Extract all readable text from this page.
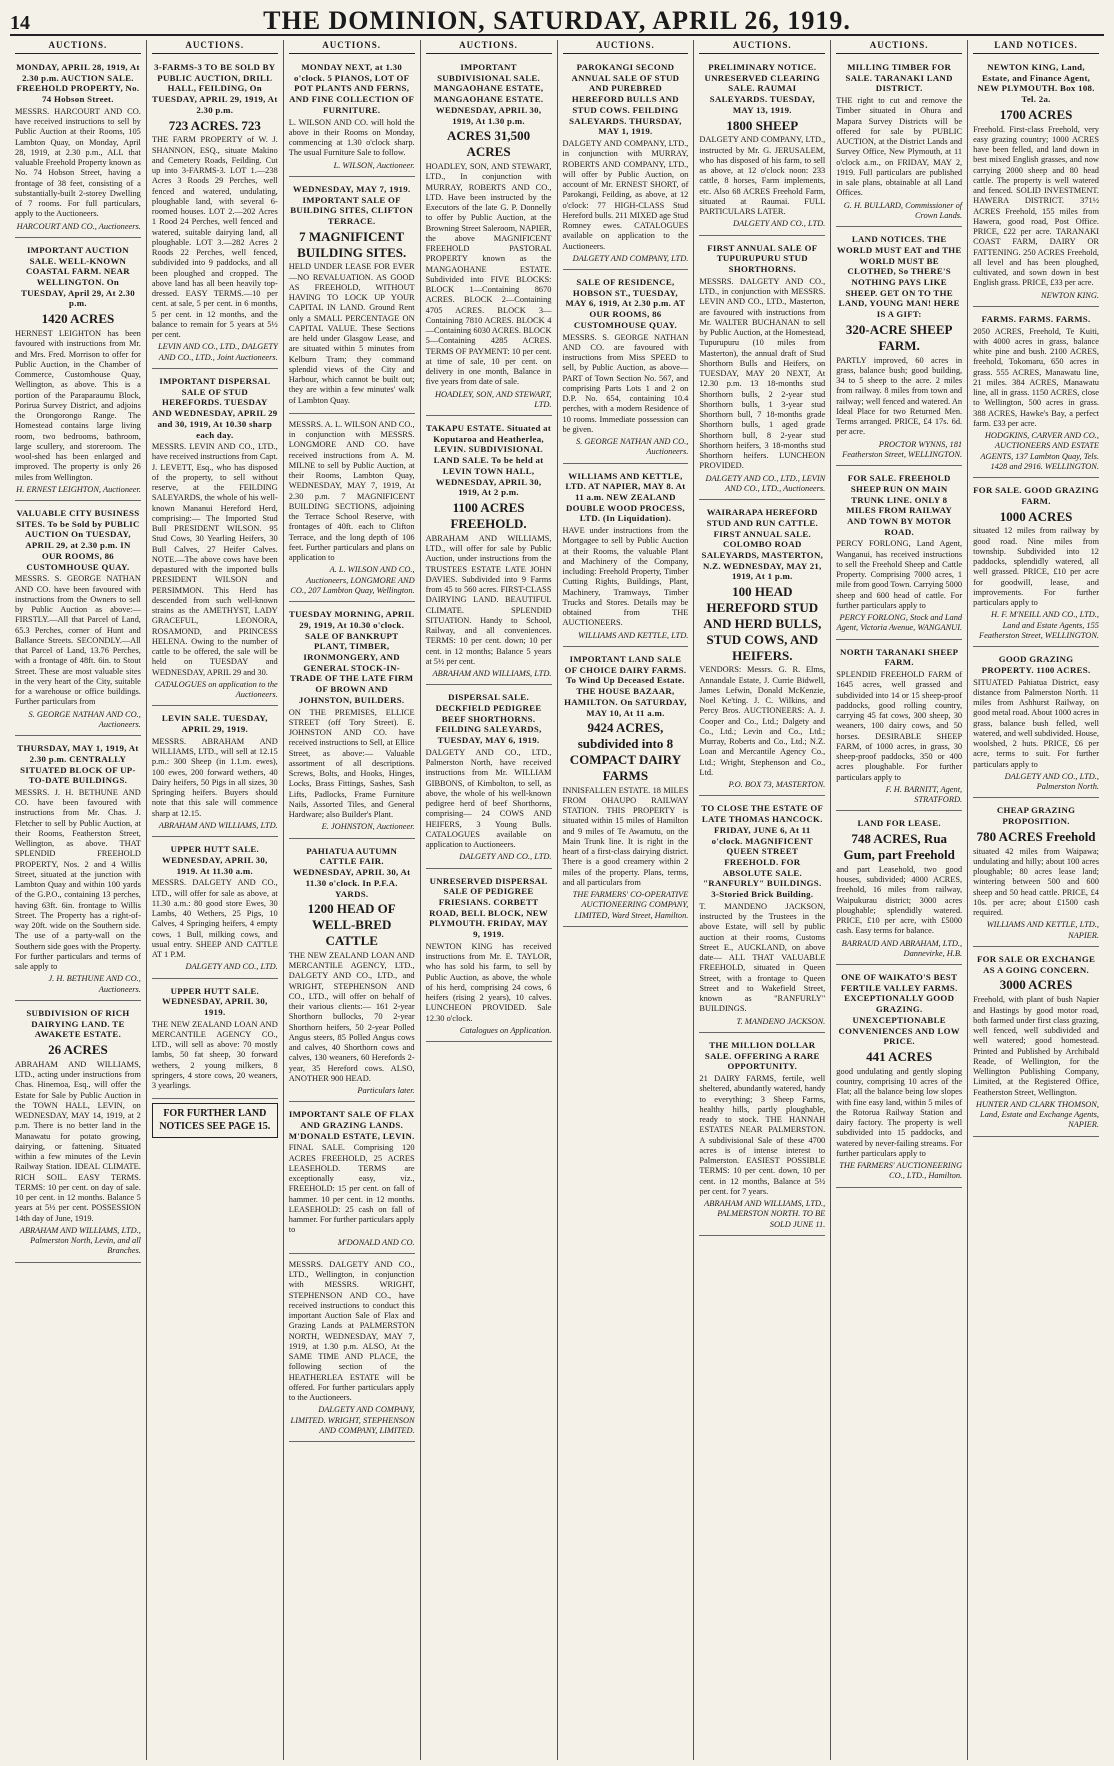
14	THE DOMINION, SATURDAY, APRIL 26, 1919.
AUCTIONS.
MONDAY, APRIL 28, 1919, At 2.30 p.m. AUCTION SALE. FREEHOLD PROPERTY, No. 74 Hobson Street.

MESSRS. HARCOURT AND CO. have received instructions to sell by Public Auction at their Rooms, 105 Lambton Quay, on Monday, April 28, 1919, at 2.30 p.m., ALL that valuable Freehold Property known as No. 74 Hobson Street, having a frontage of 38 feet, consisting of a substantially-built 2-storey Dwelling of 7 rooms. For full particulars, apply to the Auctioneers.

HARCOURT AND CO., Auctioneers.
IMPORTANT AUCTION SALE. WELL-KNOWN COASTAL FARM. NEAR WELLINGTON. On TUESDAY, April 29, At 2.30 p.m.
1420 ACRES

HERNEST LEIGHTON has been favoured with instructions from Mr. and Mrs. Fred. Morrison to offer for Public Auction, in the Chamber of Commerce, Customhouse Quay, Wellington, as above. This is a portion of the Paraparaumu Block, Porirua Survey District, and adjoins the Orongorongo Range. The Homestead contains large living room, two bedrooms, bathroom, large scullery, and storeroom. The wool-shed has been enlarged and improved. The property is only 26 miles from Wellington.

H. ERNEST LEIGHTON, Auctioneer.
VALUABLE CITY BUSINESS SITES. To be Sold by PUBLIC AUCTION On TUESDAY, APRIL 29, at 2.30 p.m. IN OUR ROOMS, 86 CUSTOMHOUSE QUAY.

MESSRS. S. GEORGE NATHAN AND CO. have been favoured with instructions from the Owners to sell by Public Auction as above:— FIRSTLY.—All that Parcel of Land, 65.3 Perches, corner of Hunt and Ballance Streets. SECONDLY.—All that Parcel of Land, 13.76 Perches, with a frontage of 48ft. 6in. to Stout Street. These are most valuable sites in the very heart of the City, suitable for a warehouse or office buildings. Further particulars from

S. GEORGE NATHAN AND CO., Auctioneers.
THURSDAY, MAY 1, 1919, At 2.30 p.m. CENTRALLY SITUATED BLOCK OF UP-TO-DATE BUILDINGS.

MESSRS. J. H. BETHUNE AND CO. have been favoured with instructions from Mr. Chas. J. Fletcher to sell by Public Auction, at their Rooms, Featherston Street, Wellington, as above. THAT SPLENDID FREEHOLD PROPERTY, Nos. 2 and 4 Willis Street, situated at the junction with Lambton Quay and within 100 yards of the G.P.O., containing 13 perches, having 63ft. 6in. frontage to Willis Street. The Property has a right-of-way 20ft. wide on the Southern side. The use of a party-wall on the Southern side goes with the Property. For further particulars and terms of sale apply to

J. H. BETHUNE AND CO., Auctioneers.
SUBDIVISION OF RICH DAIRYING LAND. TE AWAKETE ESTATE.
26 ACRES

ABRAHAM AND WILLIAMS, LTD., acting under instructions from Chas. Hinemoa, Esq., will offer the Estate for Sale by Public Auction in the TOWN HALL, LEVIN, on WEDNESDAY, MAY 14, 1919, at 2 p.m. There is no better land in the Manawatu for potato growing, dairying, or fattening. Situated within a few minutes of the Levin Railway Station. IDEAL CLIMATE. RICH SOIL. EASY TERMS. TERMS: 10 per cent. on day of sale. 10 per cent. in 12 months. Balance 5 years at 5½ per cent. POSSESSION 14th day of June, 1919.

ABRAHAM AND WILLIAMS, LTD., Palmerston North, Levin, and all Branches.
AUCTIONS.
3-FARMS-3 TO BE SOLD BY PUBLIC AUCTION, DRILL HALL, FEILDING, On TUESDAY, APRIL 29, 1919, At 2.30 p.m.
723 ACRES. 723

THE FARM PROPERTY of W. J. SHANNON, ESQ., situate Makino and Cemetery Roads, Feilding. Cut up into 3-FARMS-3. LOT 1.—238 Acres 3 Roods 29 Perches, well fenced and watered, undulating, ploughable land, with several 6-roomed houses. LOT 2.—202 Acres 1 Rood 24 Perches, well fenced and watered, suitable dairying land, all ploughable. LOT 3.—282 Acres 2 Roods 22 Perches, well fenced, subdivided into 9 paddocks, and all been ploughed and cropped. The above land has all been heavily top-dressed. EASY TERMS.—10 per cent. at sale, 5 per cent. in 6 months, 5 per cent. in 12 months, and the balance to remain for 5 years at 5½ per cent.

LEVIN AND CO., LTD., DALGETY AND CO., LTD., Joint Auctioneers.
IMPORTANT DISPERSAL SALE OF STUD HEREFORDS. TUESDAY AND WEDNESDAY, APRIL 29 and 30, 1919, At 10.30 sharp each day.

MESSRS. LEVIN AND CO., LTD., have received instructions from Capt. J. LEVETT, Esq., who has disposed of the property, to sell without reserve, at the FEILDING SALEYARDS, the whole of his well-known Mananui Hereford Herd, comprising:— The Imported Stud Bull PRESIDENT WILSON. 95 Stud Cows, 30 Yearling Heifers, 30 Bull Calves, 27 Heifer Calves. NOTE.—The above cows have been depastured with the imported bulls PRESIDENT WILSON and PERSIMMON. This Herd has descended from such well-known strains as the AMETHYST, LADY GRACEFUL, LEONORA, ROSAMOND, and PRINCESS HELENA. Owing to the number of cattle to be offered, the sale will be held on TUESDAY and WEDNESDAY, APRIL 29 and 30.

CATALOGUES on application to the Auctioneers.
LEVIN SALE. TUESDAY, APRIL 29, 1919.

MESSRS. ABRAHAM AND WILLIAMS, LTD., will sell at 12.15 p.m.: 300 Sheep (in 1.1.m. ewes), 100 ewes, 200 forward wethers, 40 Dairy heifers, 50 Pigs in all sizes, 30 Springing heifers. Buyers should note that this sale will commence sharp at 12.15.

ABRAHAM AND WILLIAMS, LTD.
UPPER HUTT SALE. WEDNESDAY, APRIL 30, 1919. At 11.30 a.m.

MESSRS. DALGETY AND CO., LTD., will offer for sale as above, at 11.30 a.m.: 80 good store Ewes, 30 Lambs, 40 Wethers, 25 Pigs, 10 Calves, 4 Springing heifers, 4 empty cows, 1 Bull, milking cows, and usual entry. SHEEP AND CATTLE AT 1 P.M.

DALGETY AND CO., LTD.
UPPER HUTT SALE. WEDNESDAY, APRIL 30, 1919.

THE NEW ZEALAND LOAN AND MERCANTILE AGENCY CO., LTD., will sell as above: 70 mostly lambs, 50 fat sheep, 30 forward wethers, 2 young milkers, 8 springers, 4 store cows, 20 weaners, 3 yearlings.

FOR FURTHER LAND NOTICES SEE PAGE 15.
AUCTIONS.
MONDAY NEXT, at 1.30 o'clock. 5 PIANOS, LOT OF POT PLANTS AND FERNS, AND FINE COLLECTION OF FURNITURE.

L. WILSON AND CO. will hold the above in their Rooms on Monday, commencing at 1.30 o'clock sharp. The usual Furniture Sale to follow.

L. WILSON, Auctioneer.
WEDNESDAY, MAY 7, 1919. IMPORTANT SALE OF BUILDING SITES, CLIFTON TERRACE.
7 MAGNIFICENT BUILDING SITES.

HELD UNDER LEASE FOR EVER—NO REVALUATION. AS GOOD AS FREEHOLD, WITHOUT HAVING TO LOCK UP YOUR CAPITAL IN LAND. Ground Rent only a SMALL PERCENTAGE ON CAPITAL VALUE. These Sections are held under Glasgow Lease, and are situated within 5 minutes from Kelburn Tram; they command splendid views of the City and Harbour, which cannot be built out; they are within a few minutes' walk of Lambton Quay.

MESSRS. A. L. WILSON AND CO., in conjunction with MESSRS. LONGMORE AND CO. have received instructions from A. M. MILNE to sell by Public Auction, at their Rooms, Lambton Quay, WEDNESDAY, MAY 7, 1919, At 2.30 p.m. 7 MAGNIFICENT BUILDING SECTIONS, adjoining the Terrace School Reserve, with frontages of 40ft. each to Clifton Terrace, and the long depth of 106 feet. Further particulars and plans on application to

A. L. WILSON AND CO., Auctioneers, LONGMORE AND CO., 207 Lambton Quay, Wellington.
TUESDAY MORNING, APRIL 29, 1919, At 10.30 o'clock. SALE OF BANKRUPT PLANT, TIMBER, IRONMONGERY, AND GENERAL STOCK-IN-TRADE OF THE LATE FIRM OF BROWN AND JOHNSTON, BUILDERS.

ON THE PREMISES, ELLICE STREET (off Tory Street). E. JOHNSTON AND CO. have received instructions to Sell, at Ellice Street, as above:— Valuable assortment of all descriptions. Screws, Bolts, and Hooks, Hinges, Locks, Brass Fittings, Sashes, Sash Lifts, Padlocks, Frame Furniture Nails, Assorted Tiles, and General Hardware; also Builder's Plant.

E. JOHNSTON, Auctioneer.
PAHIATUA AUTUMN CATTLE FAIR. WEDNESDAY, APRIL 30, At 11.30 o'clock. In P.F.A. YARDS.
1200 HEAD OF WELL-BRED CATTLE

THE NEW ZEALAND LOAN AND MERCANTILE AGENCY, LTD., DALGETY AND CO., LTD., and WRIGHT, STEPHENSON AND CO., LTD., will offer on behalf of their various clients:— 161 2-year Shorthorn bullocks, 70 2-year Shorthorn heifers, 50 2-year Polled Angus steers, 85 Polled Angus cows and calves, 40 Shorthorn cows and calves, 130 weaners, 60 Herefords 2-year, 35 Hereford cows. ALSO, ANOTHER 900 HEAD.

Particulars later.
IMPORTANT SALE OF FLAX AND GRAZING LANDS. M'DONALD ESTATE, LEVIN.

FINAL SALE. Comprising 120 ACRES FREEHOLD, 25 ACRES LEASEHOLD. TERMS are exceptionally easy, viz., FREEHOLD: 15 per cent. on fall of hammer. 10 per cent. in 12 months. LEASEHOLD: 25 cash on fall of hammer. For further particulars apply to

M'DONALD AND CO.

MESSRS. DALGETY AND CO., LTD., Wellington, in conjunction with MESSRS. WRIGHT, STEPHENSON AND CO., have received instructions to conduct this important Auction Sale of Flax and Grazing Lands at PALMERSTON NORTH, WEDNESDAY, MAY 7, 1919, at 1.30 p.m. ALSO, At the SAME TIME AND PLACE, the following section of the HEATHERLEA ESTATE will be offered. For further particulars apply to the Auctioneers.

DALGETY AND COMPANY, LIMITED. WRIGHT, STEPHENSON AND COMPANY, LIMITED.
AUCTIONS.
IMPORTANT SUBDIVISIONAL SALE. MANGAOHANE ESTATE, MANGAOHANE ESTATE. WEDNESDAY, APRIL 30, 1919, At 1.30 p.m.
ACRES 31,500 ACRES

HOADLEY, SON, AND STEWART, LTD., In conjunction with MURRAY, ROBERTS AND CO., LTD. Have been instructed by the Executors of the late G. P. Donnelly to offer by Public Auction, at the Browning Street Saleroom, NAPIER, the above MAGNIFICENT FREEHOLD PASTORAL PROPERTY known as the MANGAOHANE ESTATE. Subdivided into FIVE BLOCKS: BLOCK 1—Containing 8670 ACRES. BLOCK 2—Containing 4705 ACRES. BLOCK 3—Containing 7810 ACRES. BLOCK 4—Containing 6030 ACRES. BLOCK 5—Containing 4285 ACRES. TERMS OF PAYMENT: 10 per cent. at time of sale, 10 per cent. on delivery in one month, Balance in five years from date of sale.

HOADLEY, SON, AND STEWART, LTD.
TAKAPU ESTATE. Situated at Koputaroa and Heatherlea, LEVIN. SUBDIVISIONAL LAND SALE. To be held at LEVIN TOWN HALL, WEDNESDAY, APRIL 30, 1919, At 2 p.m.
1100 ACRES FREEHOLD.

ABRAHAM AND WILLIAMS, LTD., will offer for sale by Public Auction, under instructions from the TRUSTEES ESTATE LATE JOHN DAVIES. Subdivided into 9 Farms from 45 to 560 acres. FIRST-CLASS DAIRYING LAND. BEAUTIFUL CLIMATE. SPLENDID SITUATION. Handy to School, Railway, and all conveniences. TERMS: 10 per cent. down; 10 per cent. in 12 months; Balance 5 years at 5½ per cent.

ABRAHAM AND WILLIAMS, LTD.
DISPERSAL SALE. DECKFIELD PEDIGREE BEEF SHORTHORNS. FEILDING SALEYARDS, TUESDAY, MAY 6, 1919.

DALGETY AND CO., LTD., Palmerston North, have received instructions from Mr. WILLIAM GIBBONS, of Kimbolton, to sell, as above, the whole of his well-known pedigree herd of beef Shorthorns, comprising— 24 COWS AND HEIFERS, 3 Young Bulls. CATALOGUES available on application to Auctioneers.

DALGETY AND CO., LTD.
UNRESERVED DISPERSAL SALE OF PEDIGREE FRIESIANS. CORBETT ROAD, BELL BLOCK, NEW PLYMOUTH. FRIDAY, MAY 9, 1919.

NEWTON KING has received instructions from Mr. E. TAYLOR, who has sold his farm, to sell by Public Auction, as above, the whole of his herd, comprising 24 cows, 6 heifers (rising 2 years), 10 calves. LUNCHEON PROVIDED. Sale 12.30 o'clock.

Catalogues on Application.
AUCTIONS.
PAROKANGI SECOND ANNUAL SALE OF STUD AND PUREBRED HEREFORD BULLS AND STUD COWS. FEILDING SALEYARDS. THURSDAY, MAY 1, 1919.

DALGETY AND COMPANY, LTD., in conjunction with MURRAY, ROBERTS AND COMPANY, LTD., will offer by Public Auction, on account of Mr. ERNEST SHORT, of Parokangi, Feilding, as above, at 12 o'clock: 77 HIGH-CLASS Stud Hereford bulls. 211 MIXED age Stud Romney ewes. CATALOGUES available on application to the Auctioneers.

DALGETY AND COMPANY, LTD.
SALE OF RESIDENCE, HOBSON ST., TUESDAY, MAY 6, 1919, At 2.30 p.m. AT OUR ROOMS, 86 CUSTOMHOUSE QUAY.

MESSRS. S. GEORGE NATHAN AND CO. are favoured with instructions from Miss SPEED to sell, by Public Auction, as above— PART of Town Section No. 567, and comprising Parts Lots 1 and 2 on D.P. No. 654, containing 10.4 perches, with a modern Residence of 10 rooms. Immediate possession can be given.

S. GEORGE NATHAN AND CO., Auctioneers.
WILLIAMS AND KETTLE, LTD. AT NAPIER, MAY 8. At 11 a.m. NEW ZEALAND DOUBLE WOOD PROCESS, LTD. (In Liquidation).

HAVE under instructions from the Mortgagee to sell by Public Auction at their Rooms, the valuable Plant and Machinery of the Company, including: Freehold Property, Timber Cutting Rights, Buildings, Plant, Machinery, Tramways, Timber Trucks and Stores. Details may be obtained from THE AUCTIONEERS.

WILLIAMS AND KETTLE, LTD.
IMPORTANT LAND SALE OF CHOICE DAIRY FARMS. To Wind Up Deceased Estate. THE HOUSE BAZAAR, HAMILTON. On SATURDAY, MAY 10, At 11 a.m.
9424 ACRES, subdivided into 8 COMPACT DAIRY FARMS

INNISFALLEN ESTATE. 18 MILES FROM OHAUPO RAILWAY STATION. THIS PROPERTY is situated within 15 miles of Hamilton and 9 miles of Te Awamutu, on the Main Trunk line. It is right in the heart of a first-class dairying district. There is a good creamery within 2 miles of the property. Plans, terms, and all particulars from

THE FARMERS' CO-OPERATIVE AUCTIONEERING COMPANY, LIMITED, Ward Street, Hamilton.
AUCTIONS.
PRELIMINARY NOTICE. UNRESERVED CLEARING SALE. RAUMAI SALEYARDS. TUESDAY, MAY 13, 1919.
1800 SHEEP

DALGETY AND COMPANY, LTD., instructed by Mr. G. JERUSALEM, who has disposed of his farm, to sell as above, at 12 o'clock noon: 233 cattle, 8 horses, Farm implements, etc. Also 68 ACRES Freehold Farm, situated at Raumai. FULL PARTICULARS LATER.

DALGETY AND CO., LTD.
FIRST ANNUAL SALE OF TUPURUPURU STUD SHORTHORNS.

MESSRS. DALGETY AND CO., LTD., in conjunction with MESSRS. LEVIN AND CO., LTD., Masterton, are favoured with instructions from Mr. WALTER BUCHANAN to sell by Public Auction, at the Homestead, Tupurupuru (10 miles from Masterton), the annual draft of Stud Shorthorn Bulls and Heifers, on TUESDAY, MAY 20 NEXT, At 12.30 p.m. 13 18-months stud Shorthorn bulls, 2 2-year stud Shorthorn bulls, 1 3-year stud Shorthorn bull, 7 18-months grade Shorthorn bulls, 1 aged grade Shorthorn bull, 8 2-year stud Shorthorn heifers, 3 18-months stud Shorthorn heifers. LUNCHEON PROVIDED.

DALGETY AND CO., LTD., LEVIN AND CO., LTD., Auctioneers.
WAIRARAPA HEREFORD STUD AND RUN CATTLE. FIRST ANNUAL SALE. COLOMBO ROAD SALEYARDS, MASTERTON, N.Z. WEDNESDAY, MAY 21, 1919, At 1 p.m.
100 HEAD HEREFORD STUD AND HERD BULLS, STUD COWS, AND HEIFERS.

VENDORS: Messrs. G. R. Elms, Annandale Estate, J. Currie Bidwell, James Lefwin, Donald McKenzie, Noel Ke'ting. J. C. Wilkins, and Percy Bros. AUCTIONEERS: A. J. Cooper and Co., Ltd.; Dalgety and Co., Ltd.; Levin and Co., Ltd.; Murray, Roberts and Co., Ltd.; N.Z. Loan and Mercantile Agency Co., Ltd.; Wright, Stephenson and Co., Ltd.

P.O. BOX 73, MASTERTON.
TO CLOSE THE ESTATE OF LATE THOMAS HANCOCK. FRIDAY, JUNE 6, At 11 o'clock. MAGNIFICENT QUEEN STREET FREEHOLD. FOR ABSOLUTE SALE. "RANFURLY" BUILDINGS. 3-Storied Brick Building.

T. MANDENO JACKSON, instructed by the Trustees in the above Estate, will sell by public auction at their rooms, Customs Street E., AUCKLAND, on above date— ALL THAT VALUABLE FREEHOLD, situated in Queen Street, with a frontage to Queen Street and to Wakefield Street, known as "RANFURLY" BUILDINGS.

T. MANDENO JACKSON.
THE MILLION DOLLAR SALE. OFFERING A RARE OPPORTUNITY.

21 DAIRY FARMS, fertile, well sheltered, abundantly watered, handy to everything; 3 Sheep Farms, healthy hills, partly ploughable, ready to stock. THE HANNAH ESTATES NEAR PALMERSTON. A subdivisional Sale of these 4700 acres is of intense interest to Palmerston. EASIEST POSSIBLE TERMS: 10 per cent. down, 10 per cent. in 12 months, Balance at 5½ per cent. for 7 years.

ABRAHAM AND WILLIAMS, LTD., PALMERSTON NORTH. TO BE SOLD JUNE 11.
AUCTIONS.
MILLING TIMBER FOR SALE. TARANAKI LAND DISTRICT.

THE right to cut and remove the Timber situated in Ohura and Mapara Survey Districts will be offered for sale by PUBLIC AUCTION, at the District Lands and Survey Office, New Plymouth, at 11 o'clock a.m., on FRIDAY, MAY 2, 1919. Full particulars are published in sale plans, obtainable at all Land Offices.

G. H. BULLARD, Commissioner of Crown Lands.
LAND NOTICES. THE WORLD MUST EAT and THE WORLD MUST BE CLOTHED, So THERE'S NOTHING PAYS LIKE SHEEP. GET ON TO THE LAND, YOUNG MAN! HERE IS A GIFT:
320-ACRE SHEEP FARM.

PARTLY improved, 60 acres in grass, balance bush; good building, 34 to 5 sheep to the acre. 2 miles from railway. 8 miles from town and railway; well fenced and watered. An Ideal Place for two Returned Men. Terms arranged. PRICE, £4 17s. 6d. per acre.

PROCTOR WYNNS, 181 Featherston Street, WELLINGTON.
FOR SALE. FREEHOLD SHEEP RUN ON MAIN TRUNK LINE. ONLY 8 MILES FROM RAILWAY AND TOWN BY MOTOR ROAD.

PERCY FORLONG, Land Agent, Wanganui, has received instructions to sell the Freehold Sheep and Cattle Property. Comprising 7000 acres, 1 mile from good Town. Carrying 5000 sheep and 600 head of cattle. For further particulars apply to

PERCY FORLONG, Stock and Land Agent, Victoria Avenue, WANGANUI.
NORTH TARANAKI SHEEP FARM.

SPLENDID FREEHOLD FARM of 1645 acres, well grassed and subdivided into 14 or 15 sheep-proof paddocks, good rolling country, carrying 45 fat cows, 300 sheep, 30 weaners, 100 dairy cows, and 50 horses. DESIRABLE SHEEP FARM, of 1000 acres, in grass, 30 sheep-proof paddocks, 350 or 400 acres ploughable. For further particulars apply to

F. H. BARNITT, Agent, STRATFORD.
LAND FOR LEASE.
748 ACRES, Rua Gum, part Freehold

and part Leasehold, two good houses, subdivided; 4000 ACRES, freehold, 16 miles from railway, Waipukurau district; 3000 acres ploughable; splendidly watered. PRICE, £10 per acre, with £5000 cash. Easy terms for balance.

BARRAUD AND ABRAHAM, LTD., Dannevirke, H.B.
ONE OF WAIKATO'S BEST FERTILE VALLEY FARMS. EXCEPTIONALLY GOOD GRAZING. UNEXCEPTIONABLE CONVENIENCES AND LOW PRICE.
441 ACRES

good undulating and gently sloping country, comprising 10 acres of the Flat; all the balance being low slopes with fine easy land, within 5 miles of the Rotorua Railway Station and dairy factory. The property is well subdivided into 15 paddocks, and watered by never-failing streams. For further particulars apply to

THE FARMERS' AUCTIONEERING CO., LTD., Hamilton.
LAND NOTICES.
NEWTON KING, Land, Estate, and Finance Agent, NEW PLYMOUTH. Box 108. Tel. 2a.
1700 ACRES

Freehold. First-class Freehold, very easy grazing country; 1000 ACRES have been felled, and land down in best mixed English grasses, and now carrying 2000 sheep and 80 head cattle. The property is well watered and fenced. SOLID INVESTMENT. HAWERA DISTRICT. 371½ ACRES Freehold, 155 miles from Hawera, good road, Post Office. PRICE, £22 per acre. TARANAKI COAST FARM, DAIRY OR FATTENING. 250 ACRES Freehold, all level and has been ploughed, cultivated, and sown down in best English grass. PRICE, £33 per acre.

NEWTON KING.
FARMS. FARMS. FARMS.

2050 ACRES, Freehold, Te Kuiti, with 4000 acres in grass, balance white pine and bush. 2100 ACRES, freehold, Tokomaru, 650 acres in grass. 555 ACRES, Manawatu line, 21 miles. 384 ACRES, Manawatu line, all in grass. 1150 ACRES, close to Wellington, 500 acres in grass. 388 ACRES, Hawke's Bay, a perfect farm. £33 per acre.

HODGKINS, CARVER AND CO., AUCTIONEERS AND ESTATE AGENTS, 137 Lambton Quay, Tels. 1428 and 2916. WELLINGTON.
FOR SALE. GOOD GRAZING FARM.
1000 ACRES

situated 12 miles from railway by good road. Nine miles from township. Subdivided into 12 paddocks, splendidly watered, all well grassed. PRICE, £10 per acre for goodwill, lease, and improvements. For further particulars apply to

H. F. M'NEILL AND CO., LTD., Land and Estate Agents, 155 Featherston Street, WELLINGTON.
GOOD GRAZING PROPERTY. 1100 ACRES.

SITUATED Pahiatua District, easy distance from Palmerston North. 11 miles from Ashhurst Railway, on good metal road. About 1000 acres in grass, balance bush felled, well watered, and well subdivided. House, woolshed, 2 huts. PRICE, £6 per acre, terms to suit. For further particulars apply to

DALGETY AND CO., LTD., Palmerston North.
CHEAP GRAZING PROPOSITION.
780 ACRES Freehold

situated 42 miles from Waipawa; undulating and hilly; about 100 acres ploughable; 80 acres lease land; wintering between 500 and 600 sheep and 50 head cattle. PRICE, £4 10s. per acre; about £1500 cash required.

WILLIAMS AND KETTLE, LTD., NAPIER.
FOR SALE OR EXCHANGE AS A GOING CONCERN.
3000 ACRES

Freehold, with plant of bush Napier and Hastings by good motor road, both farmed under first class grazing, well fenced, well subdivided and well watered; good homestead. Printed and Published by Archibald Reade, of Wellington, for the Wellington Publishing Company, Limited, at the Registered Office, Featherston Street, Wellington.

HUNTER AND CLARK THOMSON, Land, Estate and Exchange Agents, NAPIER.
